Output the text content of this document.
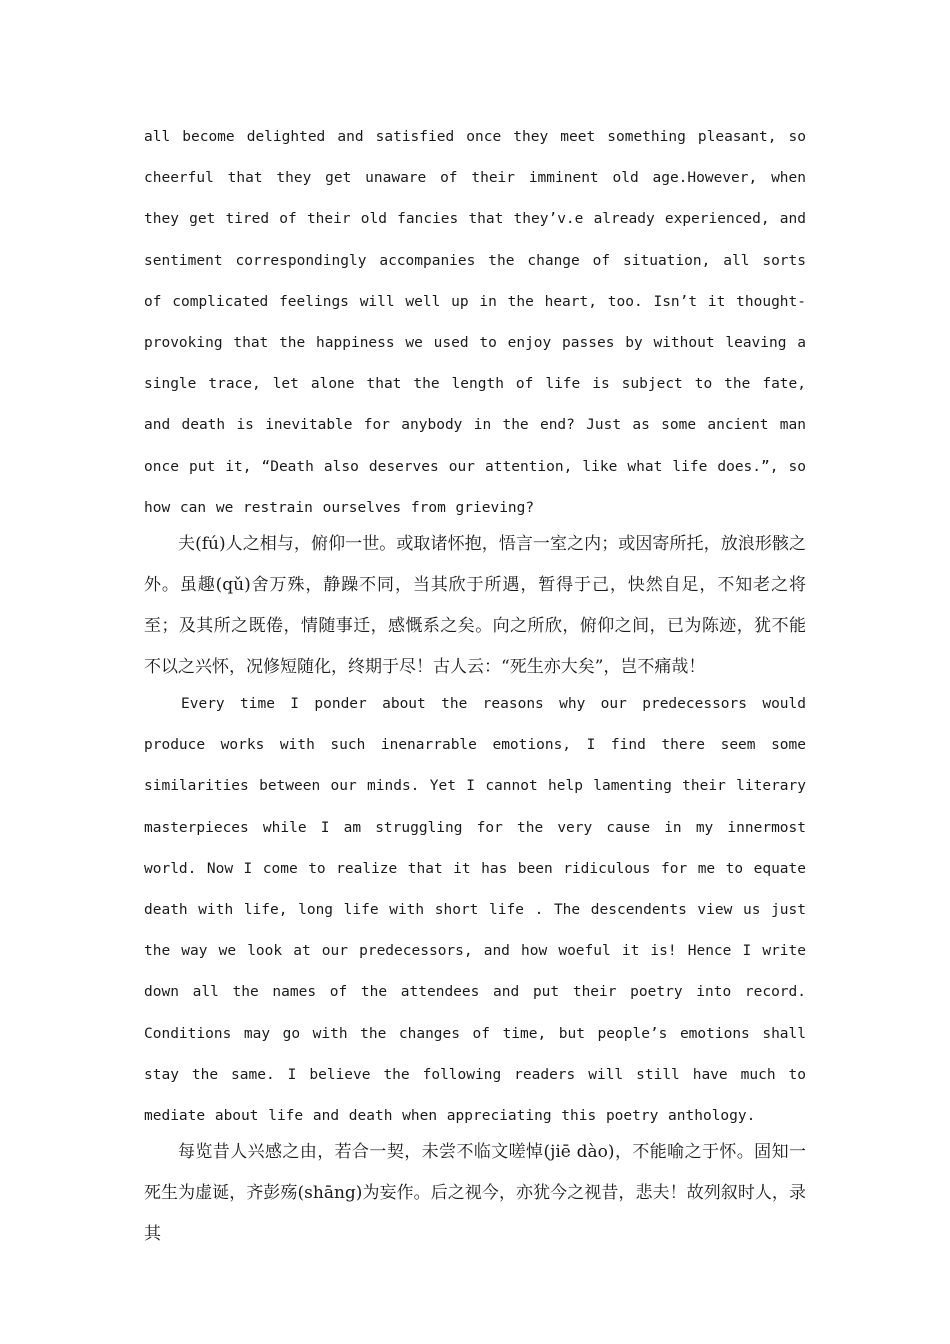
all become delighted and satisfied once they meet something pleasant, so cheerful that they get unaware of their imminent old age.However, when they get tired of their old fancies that they’v.e already experienced, and sentiment correspondingly accompanies the change of situation, all sorts of complicated feelings will well up in the heart, too. Isn’t it thought-provoking that the happiness we used to enjoy passes by without leaving a single trace, let alone that the length of life is subject to the fate, and death is inevitable for anybody in the end? Just as some ancient man once put it, “Death also deserves our attention, like what life does.”, so how can we restrain ourselves from grieving?

夫(fú)人之相与，俯仰一世。或取诸怀抱，悟言一室之内；或因寄所托，放浪形骸之外。虽趣(qǔ)舍万殊，静躁不同，当其欣于所遇，暂得于己，快然自足，不知老之将至；及其所之既倦，情随事迁，感慨系之矣。向之所欣，俯仰之间，已为陈迹，犹不能不以之兴怀，况修短随化，终期于尽！古人云：“死生亦大矣”，岂不痛哉！

Every time I ponder about the reasons why our predecessors would produce works with such inenarrable emotions, I find there seem some similarities between our minds. Yet I cannot help lamenting their literary masterpieces while I am struggling for the very cause in my innermost world. Now I come to realize that it has been ridiculous for me to equate death with life, long life with short life . The descendents view us just the way we look at our predecessors, and how woeful it is! Hence I write down all the names of the attendees and put their poetry into record. Conditions may go with the changes of time, but people’s emotions shall stay the same. I believe the following readers will still have much to mediate about life and death when appreciating this poetry anthology.

每览昔人兴感之由，若合一契，未尝不临文嗟悼(jiē dào)，不能喻之于怀。固知一死生为虚诞，齐彭殇(shāng)为妄作。后之视今，亦犹今之视昔，悲夫！故列叙时人，录其
